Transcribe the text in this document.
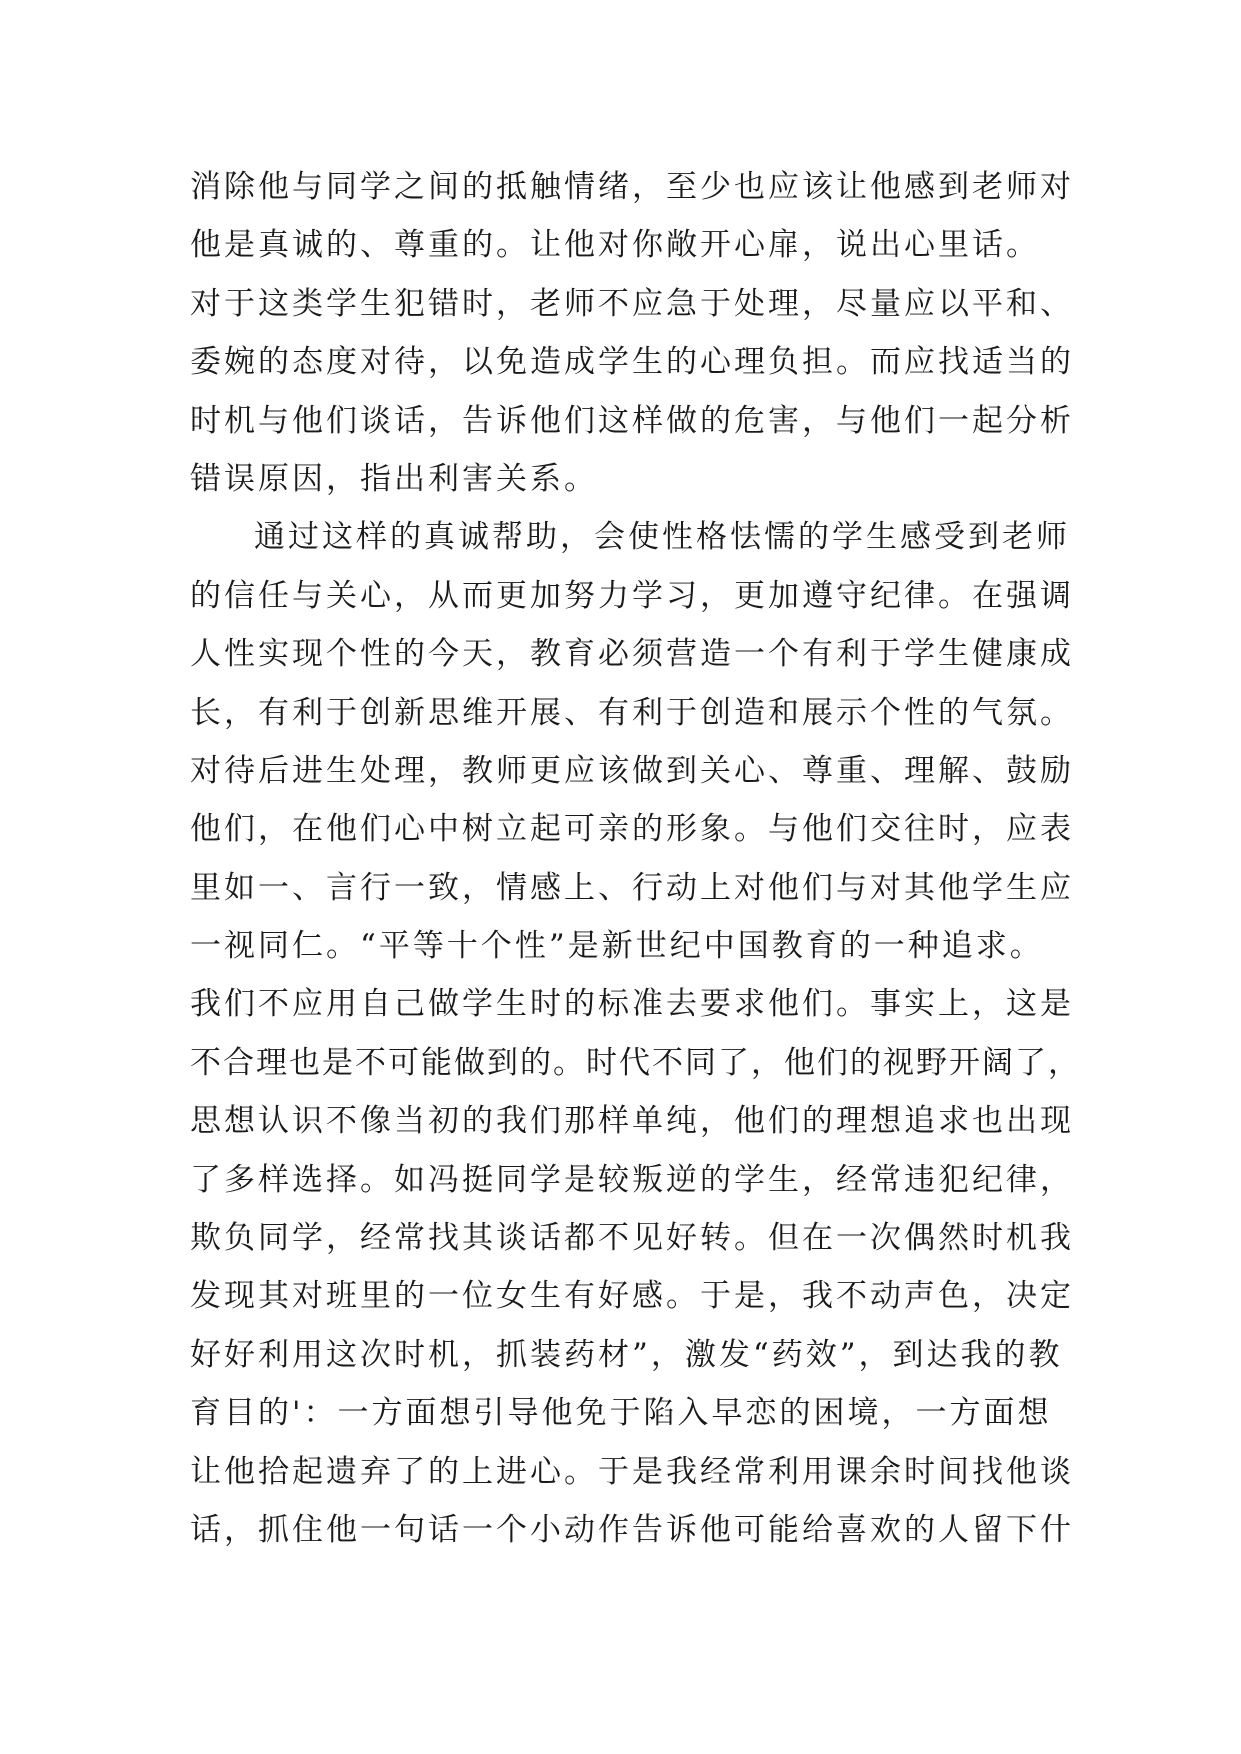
消除他与同学之间的抵触情绪，至少也应该让他感到老师对
他是真诚的、尊重的。让他对你敞开心扉，说出心里话。
对于这类学生犯错时，老师不应急于处理，尽量应以平和、
委婉的态度对待，以免造成学生的心理负担。而应找适当的
时机与他们谈话，告诉他们这样做的危害，与他们一起分析
错误原因，指出利害关系。
通过这样的真诚帮助，会使性格怯懦的学生感受到老师
的信任与关心，从而更加努力学习，更加遵守纪律。在强调
人性实现个性的今天，教育必须营造一个有利于学生健康成
长，有利于创新思维开展、有利于创造和展示个性的气氛。
对待后进生处理，教师更应该做到关心、尊重、理解、鼓励
他们，在他们心中树立起可亲的形象。与他们交往时，应表
里如一、言行一致，情感上、行动上对他们与对其他学生应
一视同仁。“平等十个性”是新世纪中国教育的一种追求。
我们不应用自己做学生时的标准去要求他们。事实上，这是
不合理也是不可能做到的。时代不同了，他们的视野开阔了，
思想认识不像当初的我们那样单纯，他们的理想追求也出现
了多样选择。如冯挺同学是较叛逆的学生，经常违犯纪律，
欺负同学，经常找其谈话都不见好转。但在一次偶然时机我
发现其对班里的一位女生有好感。于是，我不动声色，决定
好好利用这次时机，抓装药材”，激发“药效”，到达我的教
育目的'：一方面想引导他免于陷入早恋的困境，一方面想
让他拾起遗弃了的上进心。于是我经常利用课余时间找他谈
话，抓住他一句话一个小动作告诉他可能给喜欢的人留下什
